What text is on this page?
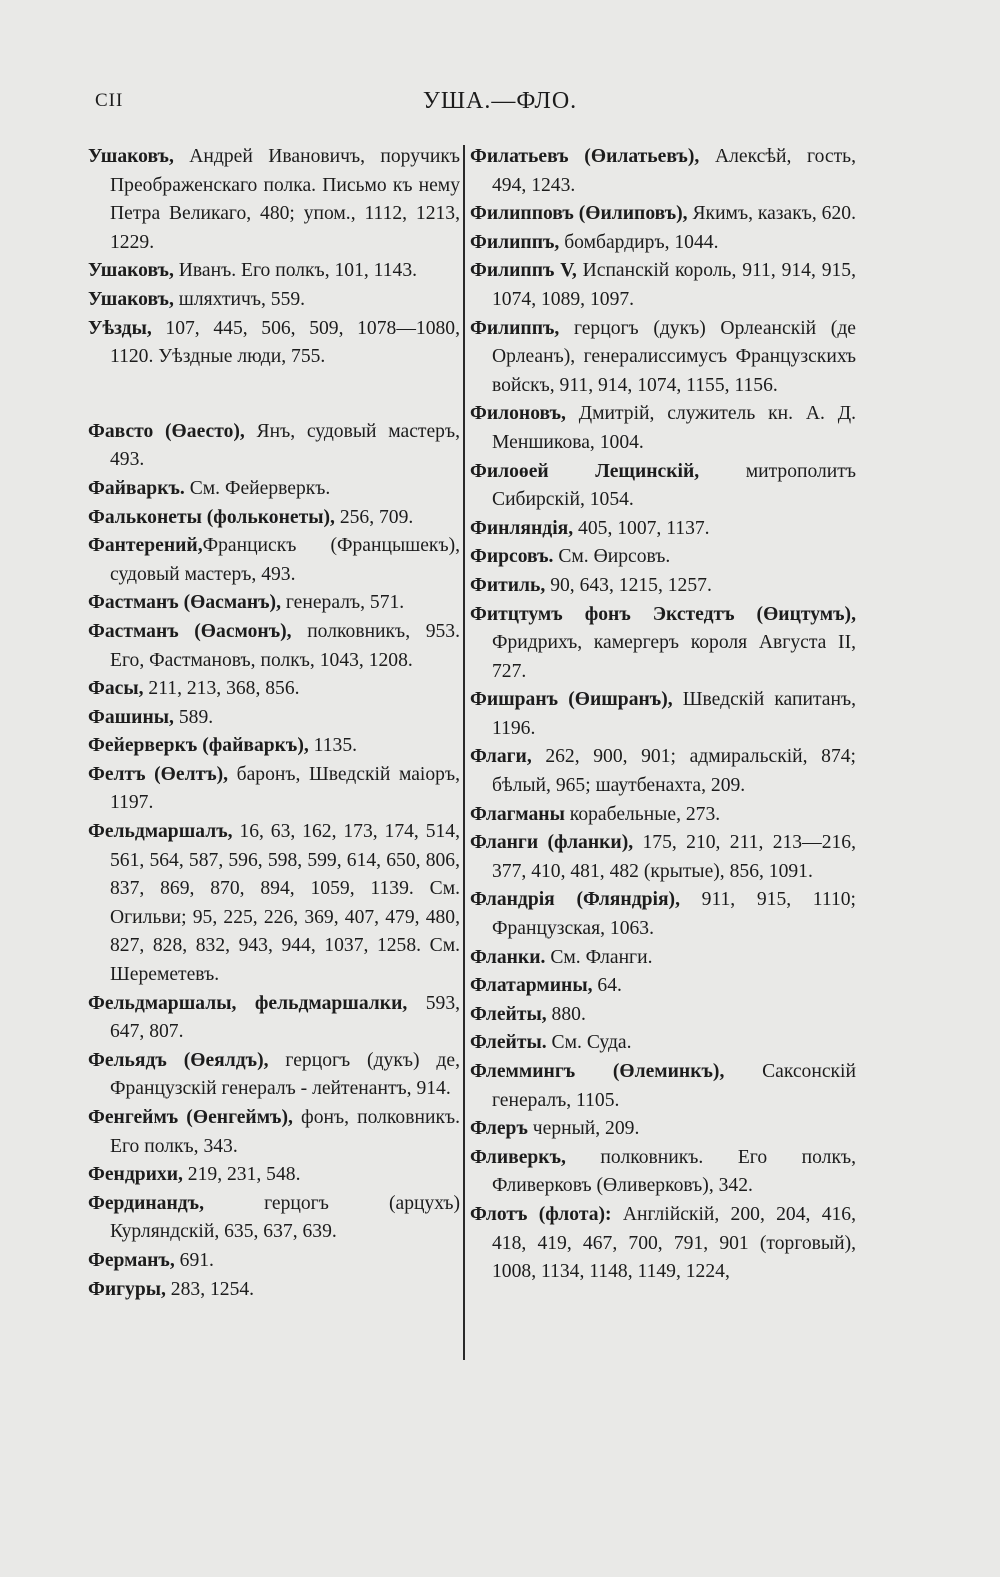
CII	УША.—ФЛО.

Ушаковъ, Андрей Ивановичъ, поручикъ Преображенскаго полка. Письмо къ нему Петра Великаго, 480; упом., 1112, 1213, 1229.

Ушаковъ, Иванъ. Его полкъ, 101, 1143.

Ушаковъ, шляхтичъ, 559.

Уѣзды, 107, 445, 506, 509, 1078—1080, 1120. Уѣздные люди, 755.

Фавсто (Өаесто), Янъ, судовый мастеръ, 493.

Файваркъ. См. Фейерверкъ.

Фальконеты (фольконеты), 256, 709.

Фантерений,Францискъ (Францышекъ), судовый мастеръ, 493.

Фастманъ (Өасманъ), генералъ, 571.

Фастманъ (Өасмонъ), полковникъ, 953. Его, Фастмановъ, полкъ, 1043, 1208.

Фасы, 211, 213, 368, 856.

Фашины, 589.

Фейерверкъ (файваркъ), 1135.

Фелтъ (Өелтъ), баронъ, Шведскій маіоръ, 1197.

Фельдмаршалъ, 16, 63, 162, 173, 174, 514, 561, 564, 587, 596, 598, 599, 614, 650, 806, 837, 869, 870, 894, 1059, 1139. См. Огильви; 95, 225, 226, 369, 407, 479, 480, 827, 828, 832, 943, 944, 1037, 1258. См. Шереметевъ.

Фельдмаршалы, фельдмаршалки, 593, 647, 807.

Фельядъ (Өеялдъ), герцогъ (дукъ) де, Французскій генералъ - лейтенантъ, 914.

Фенгеймъ (Өенгеймъ), фонъ, полковникъ. Его полкъ, 343.

Фендрихи, 219, 231, 548.

Фердинандъ, герцогъ (арцухъ) Курляндскій, 635, 637, 639.

Ферманъ, 691.

Фигуры, 283, 1254.

Филатьевъ (Өилатьевъ), Алексѣй, гость, 494, 1243.

Филипповъ (Өилиповъ), Якимъ, казакъ, 620.

Филиппъ, бомбардиръ, 1044.

Филиппъ V, Испанскій король, 911, 914, 915, 1074, 1089, 1097.

Филиппъ, герцогъ (дукъ) Орлеанскій (де Орлеанъ), генералиссимусъ Французскихъ войскъ, 911, 914, 1074, 1155, 1156.

Филоновъ, Дмитрій, служитель кн. А. Д. Меншикова, 1004.

Филоөей Лещинскій, митрополитъ Сибирскій, 1054.

Финляндія, 405, 1007, 1137.

Фирсовъ. См. Өирсовъ.

Фитиль, 90, 643, 1215, 1257.

Фитцтумъ фонъ Экстедтъ (Өицтумъ), Фридрихъ, камергеръ короля Августа II, 727.

Фишранъ (Өишранъ), Шведскій капитанъ, 1196.

Флаги, 262, 900, 901; адмиральскій, 874; бѣлый, 965; шаутбенахта, 209.

Флагманы корабельные, 273.

Фланги (фланки), 175, 210, 211, 213—216, 377, 410, 481, 482 (крытые), 856, 1091.

Фландрія (Фляндрія), 911, 915, 1110; Французская, 1063.

Фланки. См. Фланги.

Флатармины, 64.

Флейты, 880.

Флейты. См. Суда.

Флеммингъ (Өлеминкъ), Саксонскій генералъ, 1105.

Флеръ черный, 209.

Фливеркъ, полковникъ. Его полкъ, Фливерковъ (Өливерковъ), 342.

Флотъ (флота): Англійскій, 200, 204, 416, 418, 419, 467, 700, 791, 901 (торговый), 1008, 1134, 1148, 1149, 1224,
